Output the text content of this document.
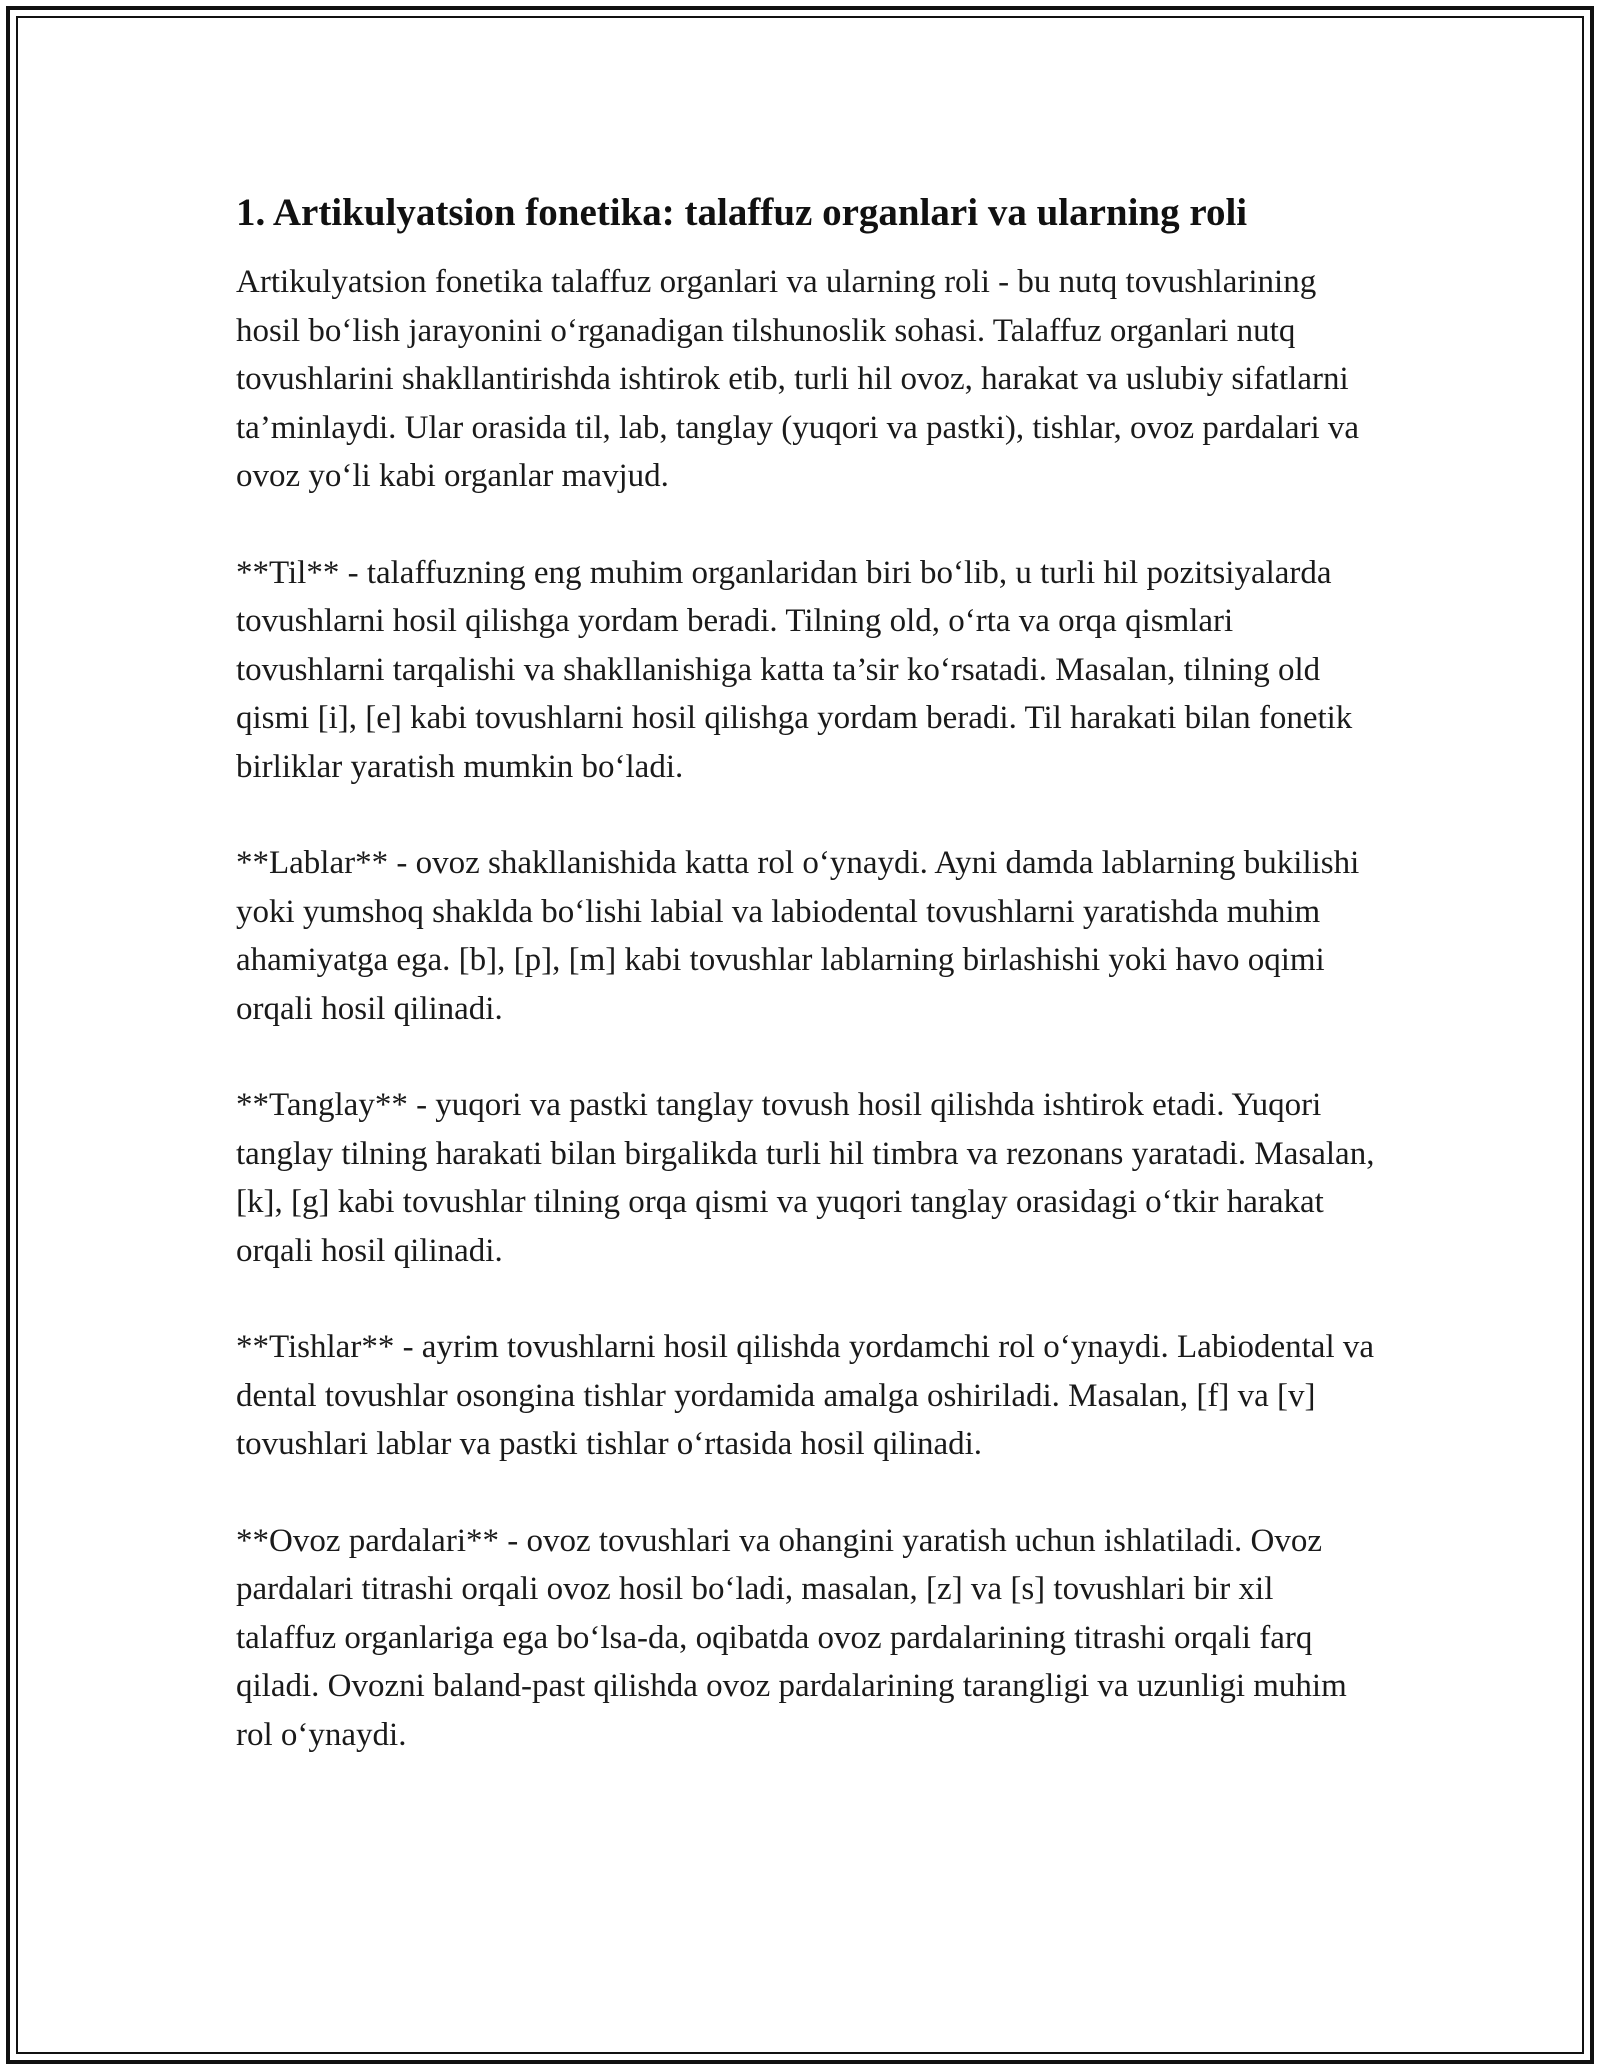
1. Artikulyatsion fonetika: talaffuz organlari va ularning roli

Artikulyatsion fonetika talaffuz organlari va ularning roli - bu nutq tovushlarining hosil bo‘lish jarayonini o‘rganadigan tilshunoslik sohasi. Talaffuz organlari nutq tovushlarini shakllantirishda ishtirok etib, turli hil ovoz, harakat va uslubiy sifatlarni ta’minlaydi. Ular orasida til, lab, tanglay (yuqori va pastki), tishlar, ovoz pardalari va ovoz yo‘li kabi organlar mavjud.

**Til** - talaffuzning eng muhim organlaridan biri bo‘lib, u turli hil pozitsiyalarda tovushlarni hosil qilishga yordam beradi. Tilning old, o‘rta va orqa qismlari tovushlarni tarqalishi va shakllanishiga katta ta’sir ko‘rsatadi. Masalan, tilning old qismi [i], [e] kabi tovushlarni hosil qilishga yordam beradi. Til harakati bilan fonetik birliklar yaratish mumkin bo‘ladi.

**Lablar** - ovoz shakllanishida katta rol o‘ynaydi. Ayni damda lablarning bukilishi yoki yumshoq shaklda bo‘lishi labial va labiodental tovushlarni yaratishda muhim ahamiyatga ega. [b], [p], [m] kabi tovushlar lablarning birlashishi yoki havo oqimi orqali hosil qilinadi.

**Tanglay** - yuqori va pastki tanglay tovush hosil qilishda ishtirok etadi. Yuqori tanglay tilning harakati bilan birgalikda turli hil timbra va rezonans yaratadi. Masalan, [k], [g] kabi tovushlar tilning orqa qismi va yuqori tanglay orasidagi o‘tkir harakat orqali hosil qilinadi.

**Tishlar** - ayrim tovushlarni hosil qilishda yordamchi rol o‘ynaydi. Labiodental va dental tovushlar osongina tishlar yordamida amalga oshiriladi. Masalan, [f] va [v] tovushlari lablar va pastki tishlar o‘rtasida hosil qilinadi.

**Ovoz pardalari** - ovoz tovushlari va ohangini yaratish uchun ishlatiladi. Ovoz pardalari titrashi orqali ovoz hosil bo‘ladi, masalan, [z] va [s] tovushlari bir xil talaffuz organlariga ega bo‘lsa-da, oqibatda ovoz pardalarining titrashi orqali farq qiladi. Ovozni baland-past qilishda ovoz pardalarining tarangligi va uzunligi muhim rol o‘ynaydi.
